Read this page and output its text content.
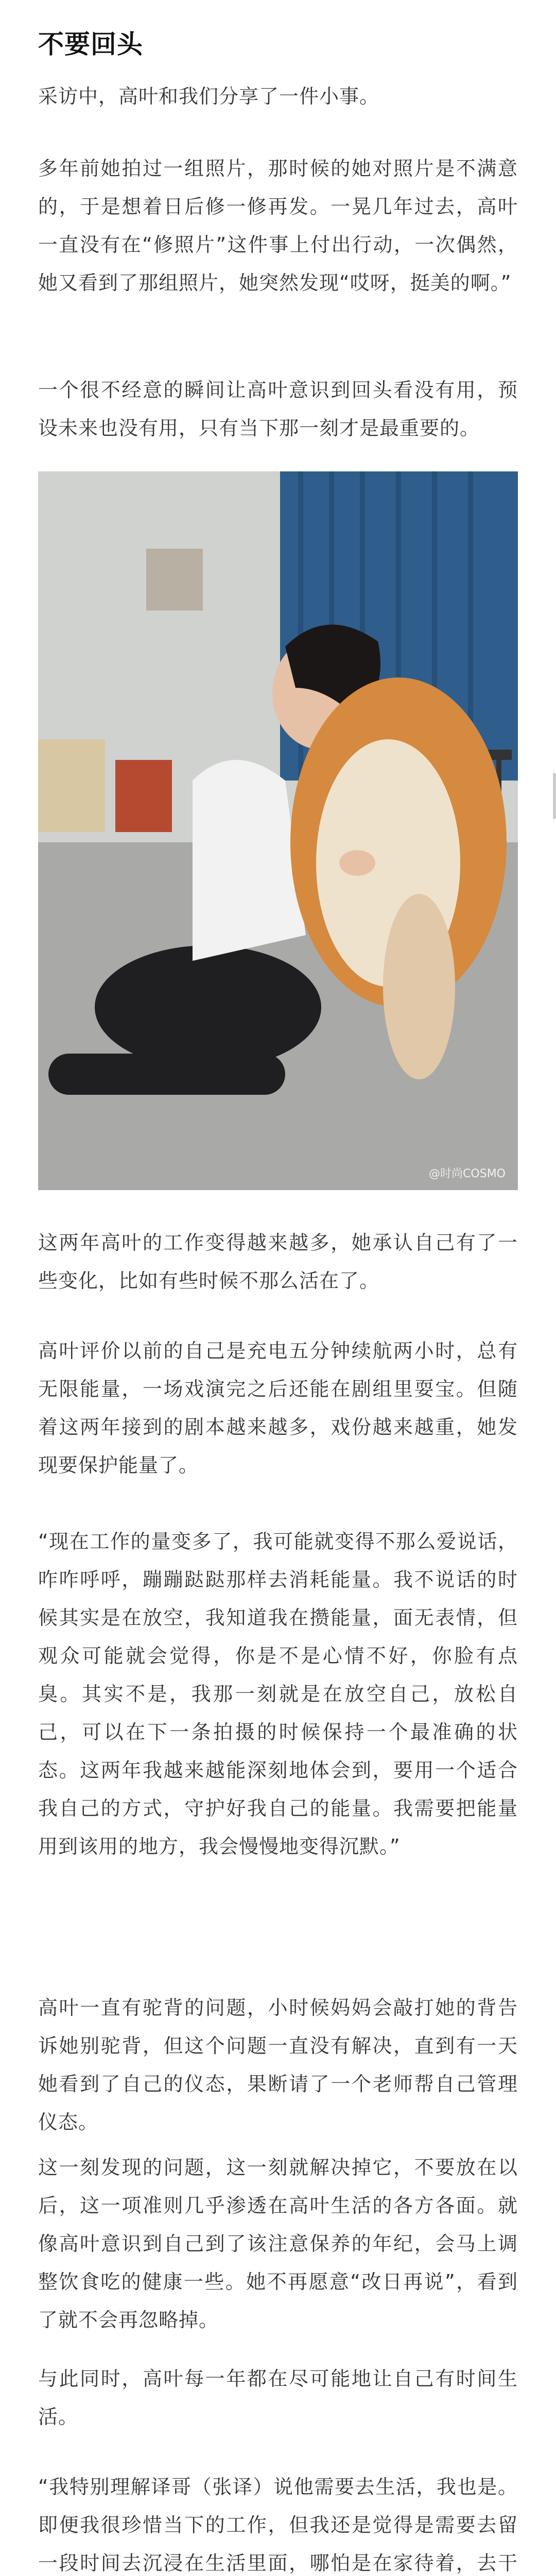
不要回头
采访中，高叶和我们分享了一件小事。
多年前她拍过一组照片，那时候的她对照片是不满意的，于是想着日后修一修再发。一晃几年过去，高叶一直没有在“修照片”这件事上付出行动，一次偶然，她又看到了那组照片，她突然发现“哎呀，挺美的啊。”
一个很不经意的瞬间让高叶意识到回头看没有用，预设未来也没有用，只有当下那一刻才是最重要的。
@时尚COSMO
这两年高叶的工作变得越来越多，她承认自己有了一些变化，比如有些时候不那么活在了。
高叶评价以前的自己是充电五分钟续航两小时，总有无限能量，一场戏演完之后还能在剧组里耍宝。但随着这两年接到的剧本越来越多，戏份越来越重，她发现要保护能量了。
“现在工作的量变多了，我可能就变得不那么爱说话，咋咋呼呼，蹦蹦跶跶那样去消耗能量。我不说话的时候其实是在放空，我知道我在攒能量，面无表情，但观众可能就会觉得，你是不是心情不好，你脸有点臭。其实不是，我那一刻就是在放空自己，放松自己，可以在下一条拍摄的时候保持一个最准确的状态。这两年我越来越能深刻地体会到，要用一个适合我自己的方式，守护好我自己的能量。我需要把能量用到该用的地方，我会慢慢地变得沉默。”
高叶一直有驼背的问题，小时候妈妈会敲打她的背告诉她别驼背，但这个问题一直没有解决，直到有一天她看到了自己的仪态，果断请了一个老师帮自己管理仪态。
这一刻发现的问题，这一刻就解决掉它，不要放在以后，这一项准则几乎渗透在高叶生活的各方各面。就像高叶意识到自己到了该注意保养的年纪，会马上调整饮食吃的健康一些。她不再愿意“改日再说”，看到了就不会再忽略掉。
与此同时，高叶每一年都在尽可能地让自己有时间生活。
“我特别理解译哥（张译）说他需要去生活，我也是。即便我很珍惜当下的工作，但我还是觉得是需要去留一段时间去沉浸在生活里面，哪怕是在家待着，去干
